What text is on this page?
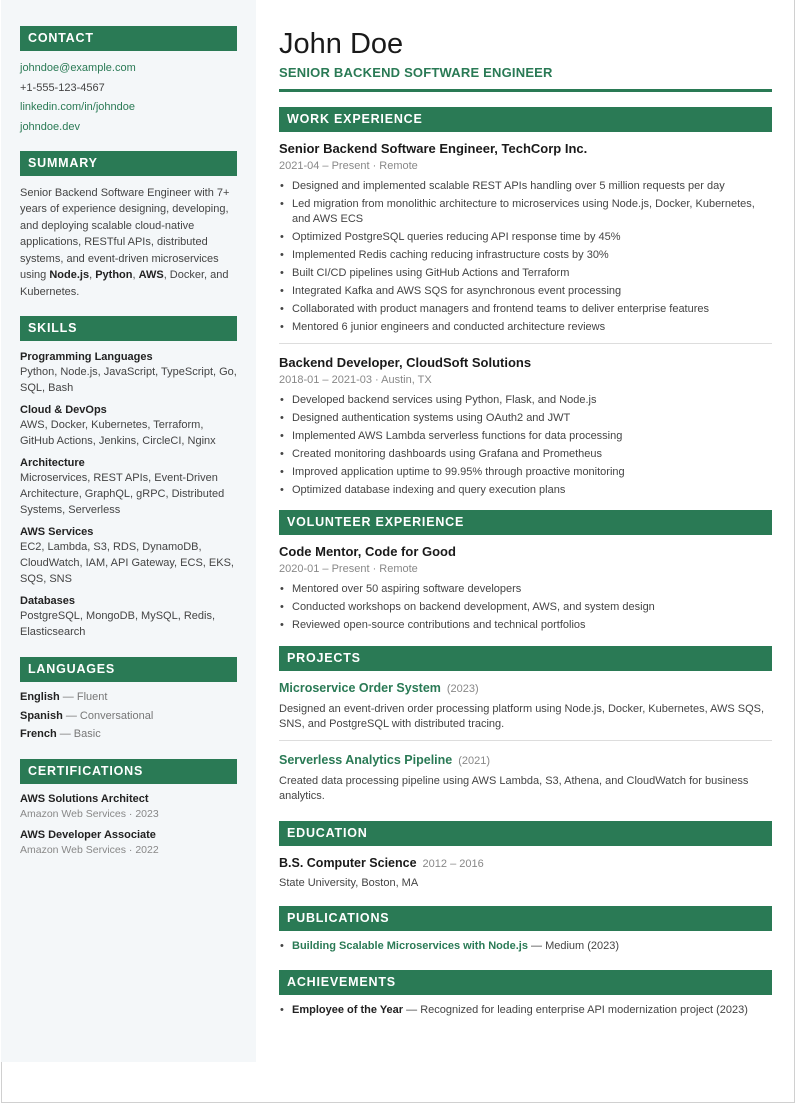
CONTACT
johndoe@example.com
+1-555-123-4567
linkedin.com/in/johndoe
johndoe.dev
SUMMARY
Senior Backend Software Engineer with 7+ years of experience designing, developing, and deploying scalable cloud-native applications, RESTful APIs, distributed systems, and event-driven microservices using Node.js, Python, AWS, Docker, and Kubernetes.
SKILLS
Programming Languages
Python, Node.js, JavaScript, TypeScript, Go, SQL, Bash
Cloud & DevOps
AWS, Docker, Kubernetes, Terraform, GitHub Actions, Jenkins, CircleCI, Nginx
Architecture
Microservices, REST APIs, Event-Driven Architecture, GraphQL, gRPC, Distributed Systems, Serverless
AWS Services
EC2, Lambda, S3, RDS, DynamoDB, CloudWatch, IAM, API Gateway, ECS, EKS, SQS, SNS
Databases
PostgreSQL, MongoDB, MySQL, Redis, Elasticsearch
LANGUAGES
English — Fluent
Spanish — Conversational
French — Basic
CERTIFICATIONS
AWS Solutions Architect
Amazon Web Services · 2023
AWS Developer Associate
Amazon Web Services · 2022
John Doe
SENIOR BACKEND SOFTWARE ENGINEER
WORK EXPERIENCE
Senior Backend Software Engineer, TechCorp Inc.
2021-04 – Present · Remote
• Designed and implemented scalable REST APIs handling over 5 million requests per day
• Led migration from monolithic architecture to microservices using Node.js, Docker, Kubernetes, and AWS ECS
• Optimized PostgreSQL queries reducing API response time by 45%
• Implemented Redis caching reducing infrastructure costs by 30%
• Built CI/CD pipelines using GitHub Actions and Terraform
• Integrated Kafka and AWS SQS for asynchronous event processing
• Collaborated with product managers and frontend teams to deliver enterprise features
• Mentored 6 junior engineers and conducted architecture reviews
Backend Developer, CloudSoft Solutions
2018-01 – 2021-03 · Austin, TX
• Developed backend services using Python, Flask, and Node.js
• Designed authentication systems using OAuth2 and JWT
• Implemented AWS Lambda serverless functions for data processing
• Created monitoring dashboards using Grafana and Prometheus
• Improved application uptime to 99.95% through proactive monitoring
• Optimized database indexing and query execution plans
VOLUNTEER EXPERIENCE
Code Mentor, Code for Good
2020-01 – Present · Remote
• Mentored over 50 aspiring software developers
• Conducted workshops on backend development, AWS, and system design
• Reviewed open-source contributions and technical portfolios
PROJECTS
Microservice Order System (2023)
Designed an event-driven order processing platform using Node.js, Docker, Kubernetes, AWS SQS, SNS, and PostgreSQL with distributed tracing.
Serverless Analytics Pipeline (2021)
Created data processing pipeline using AWS Lambda, S3, Athena, and CloudWatch for business analytics.
EDUCATION
B.S. Computer Science 2012 – 2016
State University, Boston, MA
PUBLICATIONS
• Building Scalable Microservices with Node.js — Medium (2023)
ACHIEVEMENTS
• Employee of the Year — Recognized for leading enterprise API modernization project (2023)
